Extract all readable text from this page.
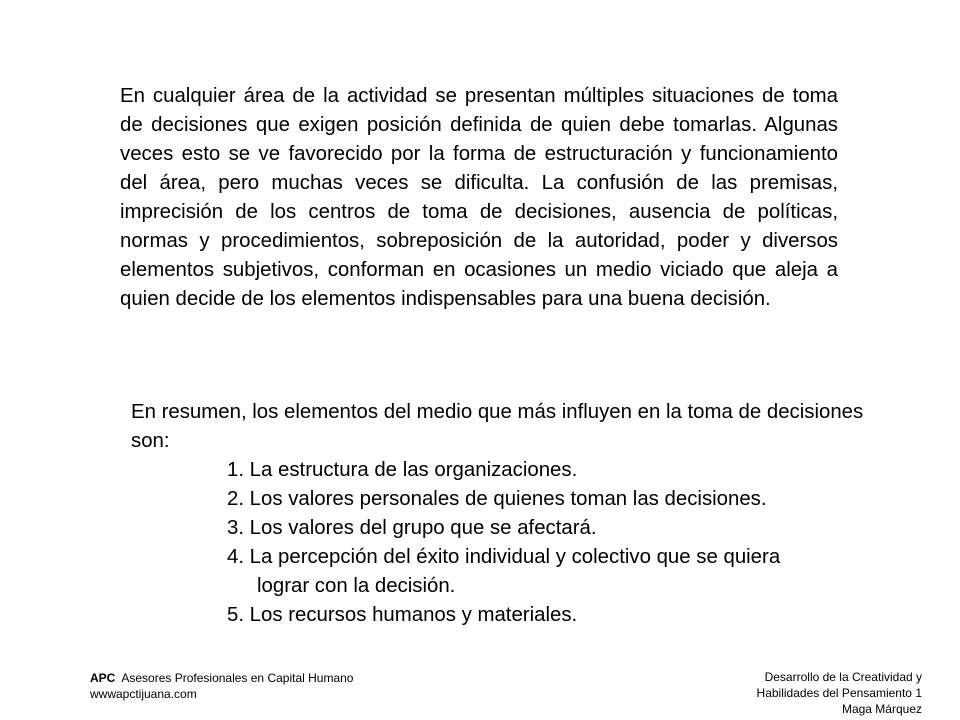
En cualquier área de la actividad se presentan múltiples situaciones de toma de decisiones que exigen posición definida de quien debe tomarlas. Algunas veces esto se ve favorecido por la forma de estructuración y funcionamiento del área, pero muchas veces se dificulta. La confusión de las premisas, imprecisión de los centros de toma de decisiones, ausencia de políticas, normas y procedimientos, sobreposición de la autoridad, poder y diversos elementos subjetivos, conforman en ocasiones un medio viciado que aleja a quien decide de los elementos indispensables para una buena decisión.

En resumen, los elementos del medio que más influyen en la toma de decisiones son:

1. La estructura de las organizaciones.
2. Los valores personales de quienes toman las decisiones.
3. Los valores del grupo que se afectará.
4. La percepción del éxito individual y colectivo que se quiera
lograr con la decisión.
5. Los recursos humanos y materiales.
APC Asesores Profesionales en Capital Humano
wwwapctijuana.com
Desarrollo de la Creatividad y
Habilidades del Pensamiento 1
Maga Márquez
